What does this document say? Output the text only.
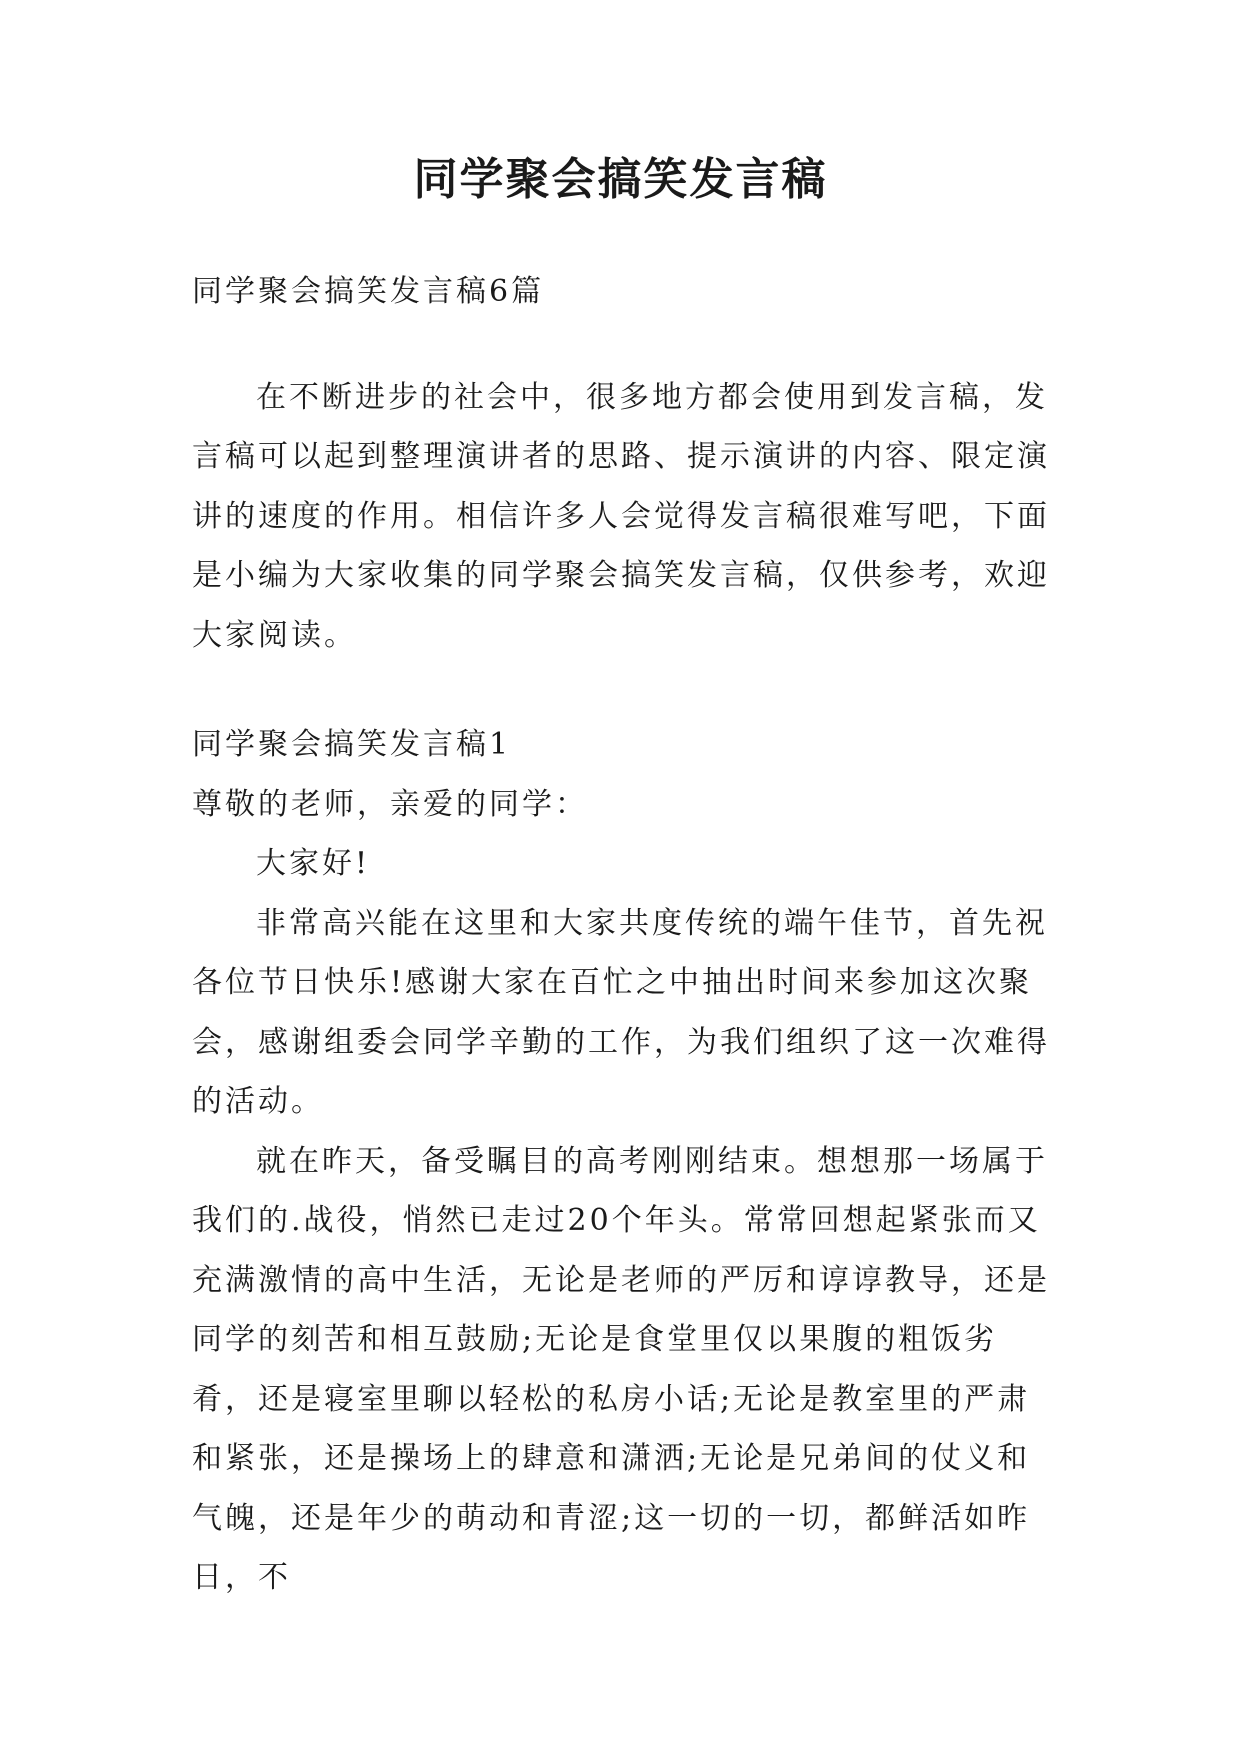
同学聚会搞笑发言稿

同学聚会搞笑发言稿6篇

在不断进步的社会中，很多地方都会使用到发言稿，发言稿可以起到整理演讲者的思路、提示演讲的内容、限定演讲的速度的作用。相信许多人会觉得发言稿很难写吧，下面是小编为大家收集的同学聚会搞笑发言稿，仅供参考，欢迎大家阅读。

同学聚会搞笑发言稿1

尊敬的老师，亲爱的同学：

大家好!

非常高兴能在这里和大家共度传统的端午佳节，首先祝各位节日快乐!感谢大家在百忙之中抽出时间来参加这次聚会，感谢组委会同学辛勤的工作，为我们组织了这一次难得的活动。

就在昨天，备受瞩目的高考刚刚结束。想想那一场属于我们的.战役，悄然已走过20个年头。常常回想起紧张而又充满激情的高中生活，无论是老师的严厉和谆谆教导，还是同学的刻苦和相互鼓励;无论是食堂里仅以果腹的粗饭劣肴，还是寝室里聊以轻松的私房小话;无论是教室里的严肃和紧张，还是操场上的肆意和潇洒;无论是兄弟间的仗义和气魄，还是年少的萌动和青涩;这一切的一切，都鲜活如昨日，不
